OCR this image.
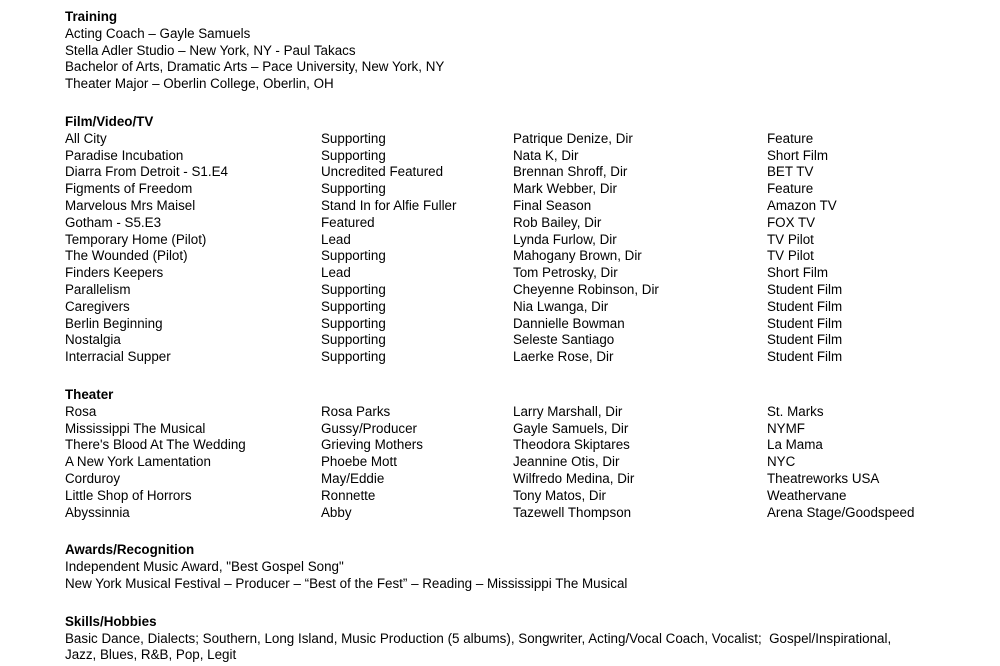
Training
Acting Coach – Gayle Samuels
Stella Adler Studio – New York, NY - Paul Takacs
Bachelor of Arts, Dramatic Arts – Pace University, New York, NY
Theater Major – Oberlin College, Oberlin, OH
Film/Video/TV
All City	Supporting	Patrique Denize, Dir	Feature
Paradise Incubation	Supporting	Nata K, Dir	Short Film
Diarra From Detroit - S1.E4	Uncredited Featured	Brennan Shroff, Dir	BET TV
Figments of Freedom	Supporting	Mark Webber, Dir	Feature
Marvelous Mrs Maisel	Stand In for Alfie Fuller	Final Season	Amazon TV
Gotham - S5.E3	Featured	Rob Bailey, Dir	FOX TV
Temporary Home (Pilot)	Lead	Lynda Furlow, Dir	TV Pilot
The Wounded (Pilot)	Supporting	Mahogany Brown, Dir	TV Pilot
Finders Keepers	Lead	Tom Petrosky, Dir	Short Film
Parallelism	Supporting	Cheyenne Robinson, Dir	Student Film
Caregivers	Supporting	Nia Lwanga, Dir	Student Film
Berlin Beginning	Supporting	Dannielle Bowman	Student Film
Nostalgia	Supporting	Seleste Santiago	Student Film
Interracial Supper	Supporting	Laerke Rose, Dir	Student Film
Theater
Rosa	Rosa Parks	Larry Marshall, Dir	St. Marks
Mississippi The Musical	Gussy/Producer	Gayle Samuels, Dir	NYMF
There's Blood At The Wedding	Grieving Mothers	Theodora Skiptares	La Mama
A New York Lamentation	Phoebe Mott	Jeannine Otis, Dir	NYC
Corduroy	May/Eddie	Wilfredo Medina, Dir	Theatreworks USA
Little Shop of Horrors	Ronnette	Tony Matos, Dir	Weathervane
Abyssinnia	Abby	Tazewell Thompson	Arena Stage/Goodspeed
Awards/Recognition
Independent Music Award, "Best Gospel Song"
New York Musical Festival – Producer – “Best of the Fest” – Reading – Mississippi The Musical
Skills/Hobbies
Basic Dance, Dialects; Southern, Long Island, Music Production (5 albums), Songwriter, Acting/Vocal Coach, Vocalist;  Gospel/Inspirational,
Jazz, Blues, R&B, Pop, Legit
